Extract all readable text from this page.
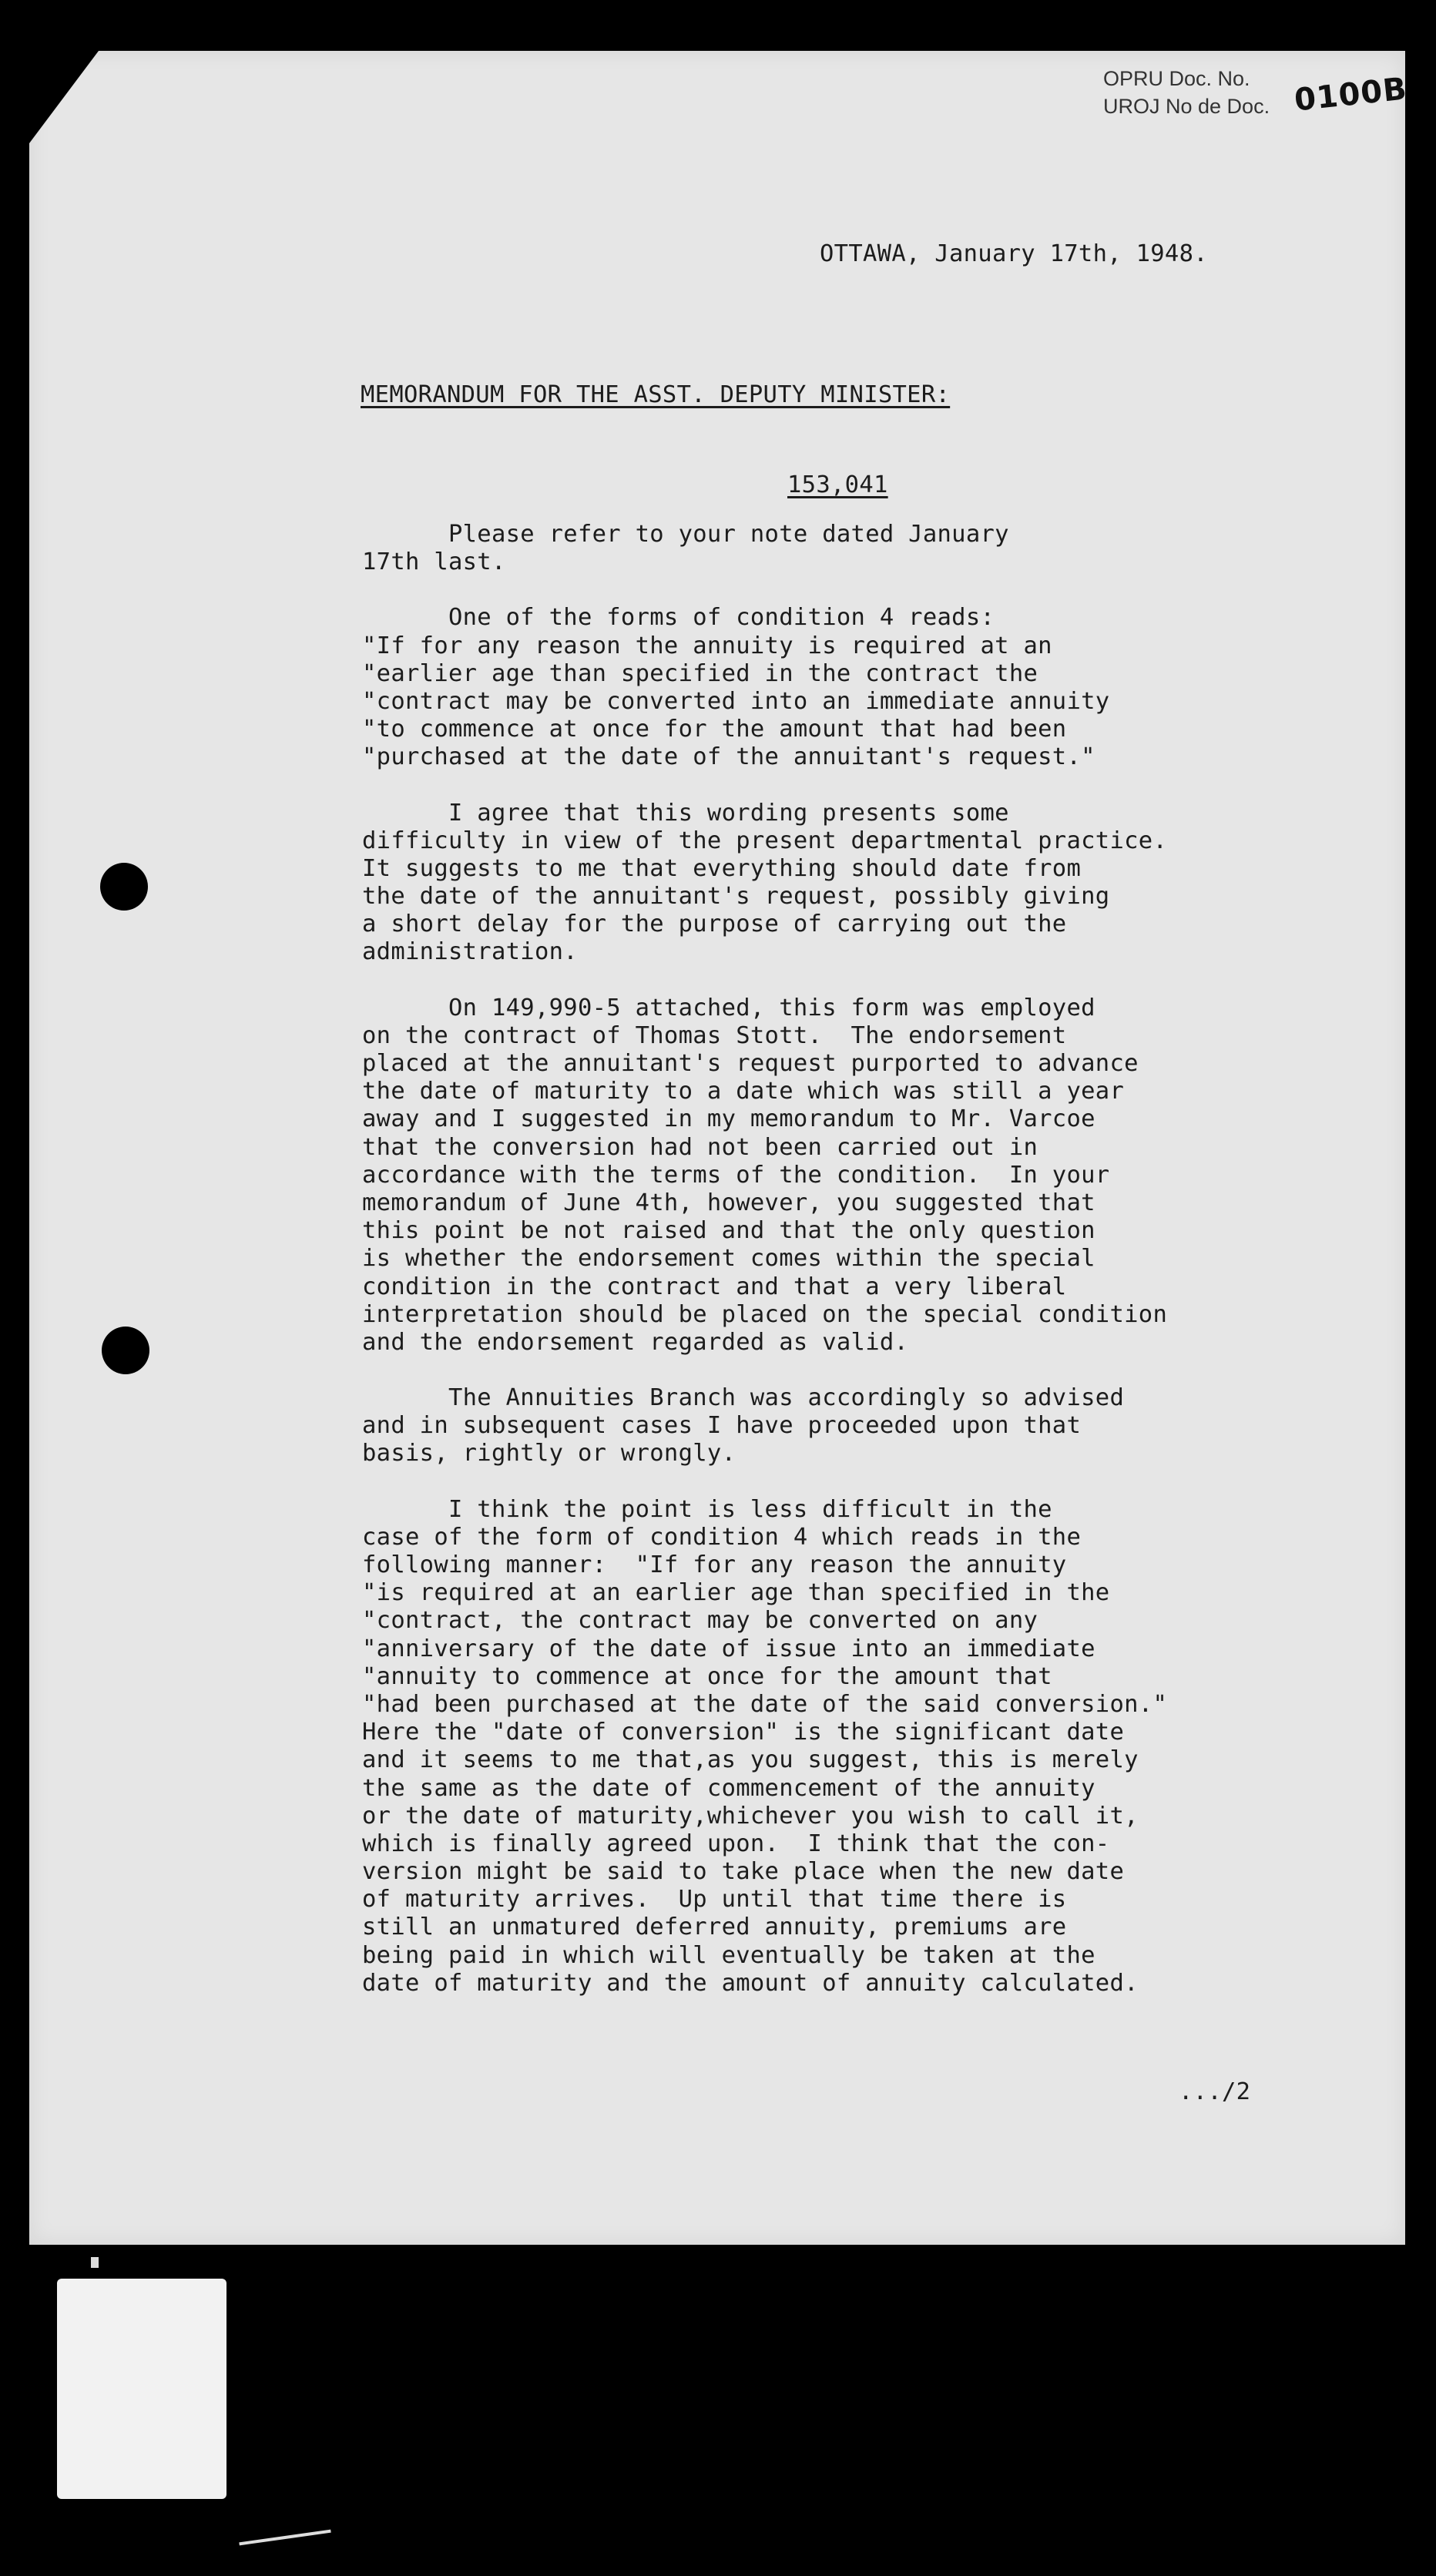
OPRU Doc. No.
UROJ No de Doc. 0100B
OTTAWA, January 17th, 1948.
MEMORANDUM FOR THE ASST. DEPUTY MINISTER:
153,041
Please refer to your note dated January
17th last.
One of the forms of condition 4 reads:
"If for any reason the annuity is required at an
"earlier age than specified in the contract the
"contract may be converted into an immediate annuity
"to commence at once for the amount that had been
"purchased at the date of the annuitant's request."
I agree that this wording presents some
difficulty in view of the present departmental practice.
It suggests to me that everything should date from
the date of the annuitant's request, possibly giving
a short delay for the purpose of carrying out the
administration.
On 149,990-5 attached, this form was employed
on the contract of Thomas Stott.  The endorsement
placed at the annuitant's request purported to advance
the date of maturity to a date which was still a year
away and I suggested in my memorandum to Mr. Varcoe
that the conversion had not been carried out in
accordance with the terms of the condition.  In your
memorandum of June 4th, however, you suggested that
this point be not raised and that the only question
is whether the endorsement comes within the special
condition in the contract and that a very liberal
interpretation should be placed on the special condition
and the endorsement regarded as valid.
The Annuities Branch was accordingly so advised
and in subsequent cases I have proceeded upon that
basis, rightly or wrongly.
I think the point is less difficult in the
case of the form of condition 4 which reads in the
following manner:  "If for any reason the annuity
"is required at an earlier age than specified in the
"contract, the contract may be converted on any
"anniversary of the date of issue into an immediate
"annuity to commence at once for the amount that
"had been purchased at the date of the said conversion."
Here the "date of conversion" is the significant date
and it seems to me that,as you suggest, this is merely
the same as the date of commencement of the annuity
or the date of maturity,whichever you wish to call it,
which is finally agreed upon.  I think that the con-
version might be said to take place when the new date
of maturity arrives.  Up until that time there is
still an unmatured deferred annuity, premiums are
being paid in which will eventually be taken at the
date of maturity and the amount of annuity calculated.
.../2
